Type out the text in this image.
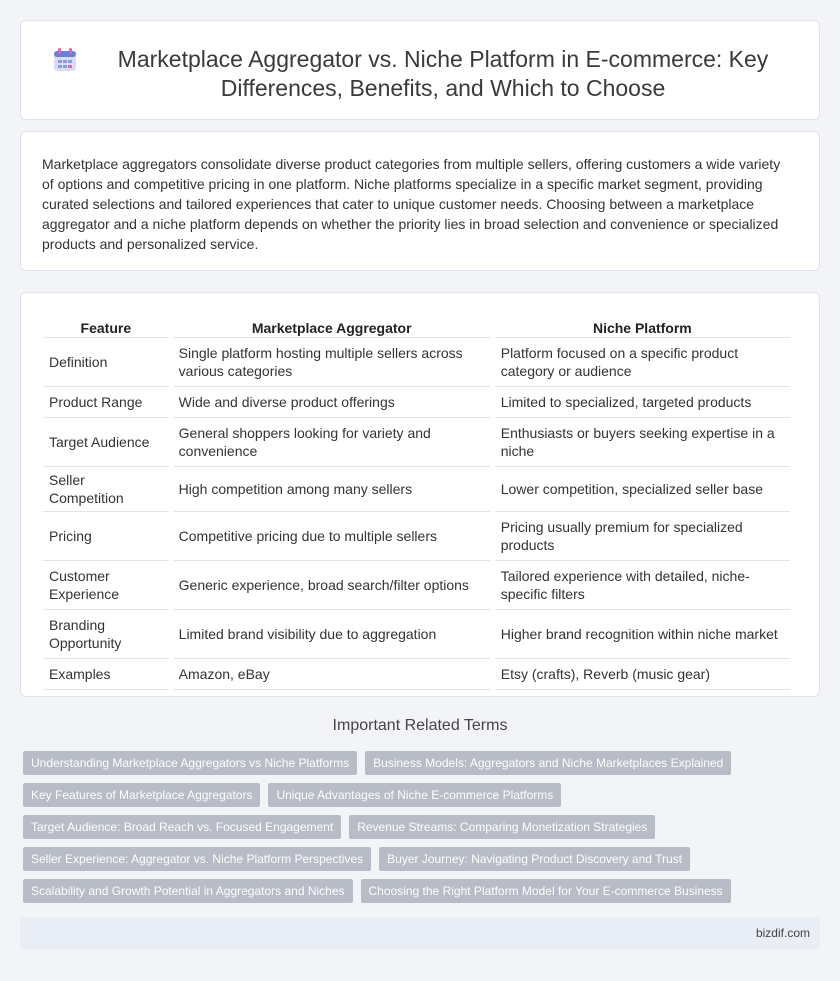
Marketplace Aggregator vs. Niche Platform in E-commerce: Key Differences, Benefits, and Which to Choose

Marketplace aggregators consolidate diverse product categories from multiple sellers, offering customers a wide variety of options and competitive pricing in one platform. Niche platforms specialize in a specific market segment, providing curated selections and tailored experiences that cater to unique customer needs. Choosing between a marketplace aggregator and a niche platform depends on whether the priority lies in broad selection and convenience or specialized products and personalized service.

Feature	Marketplace Aggregator	Niche Platform
Definition	Single platform hosting multiple sellers across various categories	Platform focused on a specific product category or audience
Product Range	Wide and diverse product offerings	Limited to specialized, targeted products
Target Audience	General shoppers looking for variety and convenience	Enthusiasts or buyers seeking expertise in a niche
Seller Competition	High competition among many sellers	Lower competition, specialized seller base
Pricing	Competitive pricing due to multiple sellers	Pricing usually premium for specialized products
Customer Experience	Generic experience, broad search/filter options	Tailored experience with detailed, niche-specific filters
Branding Opportunity	Limited brand visibility due to aggregation	Higher brand recognition within niche market
Examples	Amazon, eBay	Etsy (crafts), Reverb (music gear)
Important Related Terms
Understanding Marketplace Aggregators vs Niche Platforms	Business Models: Aggregators and Niche Marketplaces Explained
Key Features of Marketplace Aggregators	Unique Advantages of Niche E-commerce Platforms
Target Audience: Broad Reach vs. Focused Engagement	Revenue Streams: Comparing Monetization Strategies
Seller Experience: Aggregator vs. Niche Platform Perspectives	Buyer Journey: Navigating Product Discovery and Trust
Scalability and Growth Potential in Aggregators and Niches	Choosing the Right Platform Model for Your E-commerce Business
bizdif.com
